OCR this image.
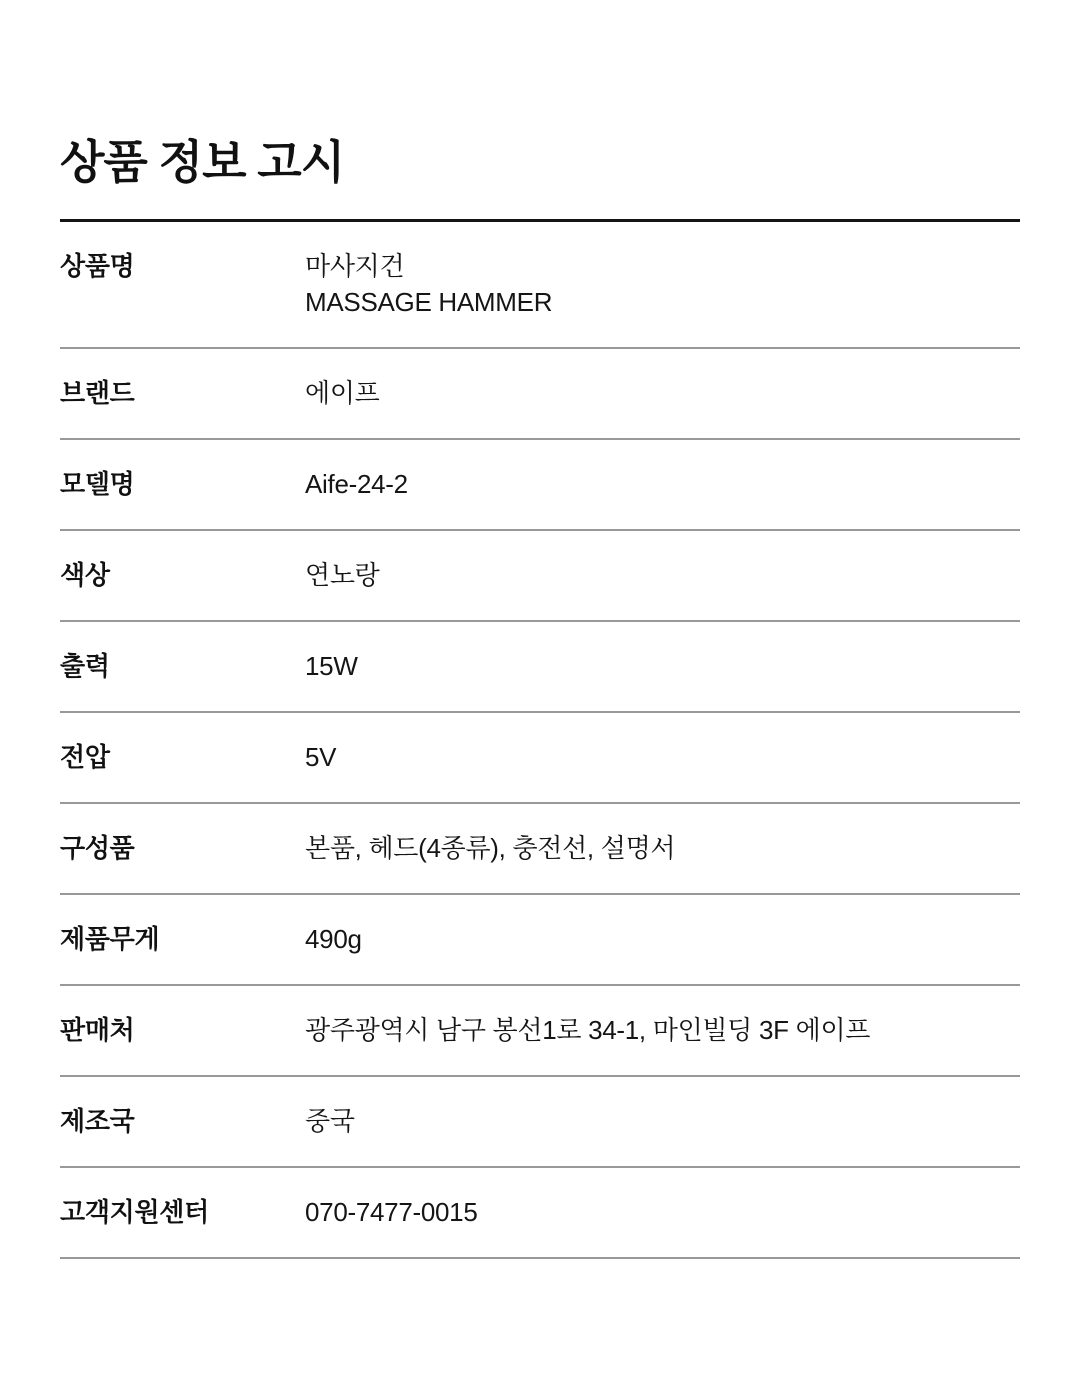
상품 정보 고시
상품명	마사지건
MASSAGE HAMMER
브랜드	에이프
모델명	Aife-24-2
색상	연노랑
출력	15W
전압	5V
구성품	본품, 헤드(4종류), 충전선, 설명서
제품무게	490g
판매처	광주광역시 남구 봉선1로 34-1, 마인빌딩 3F 에이프
제조국	중국
고객지원센터	070-7477-0015
